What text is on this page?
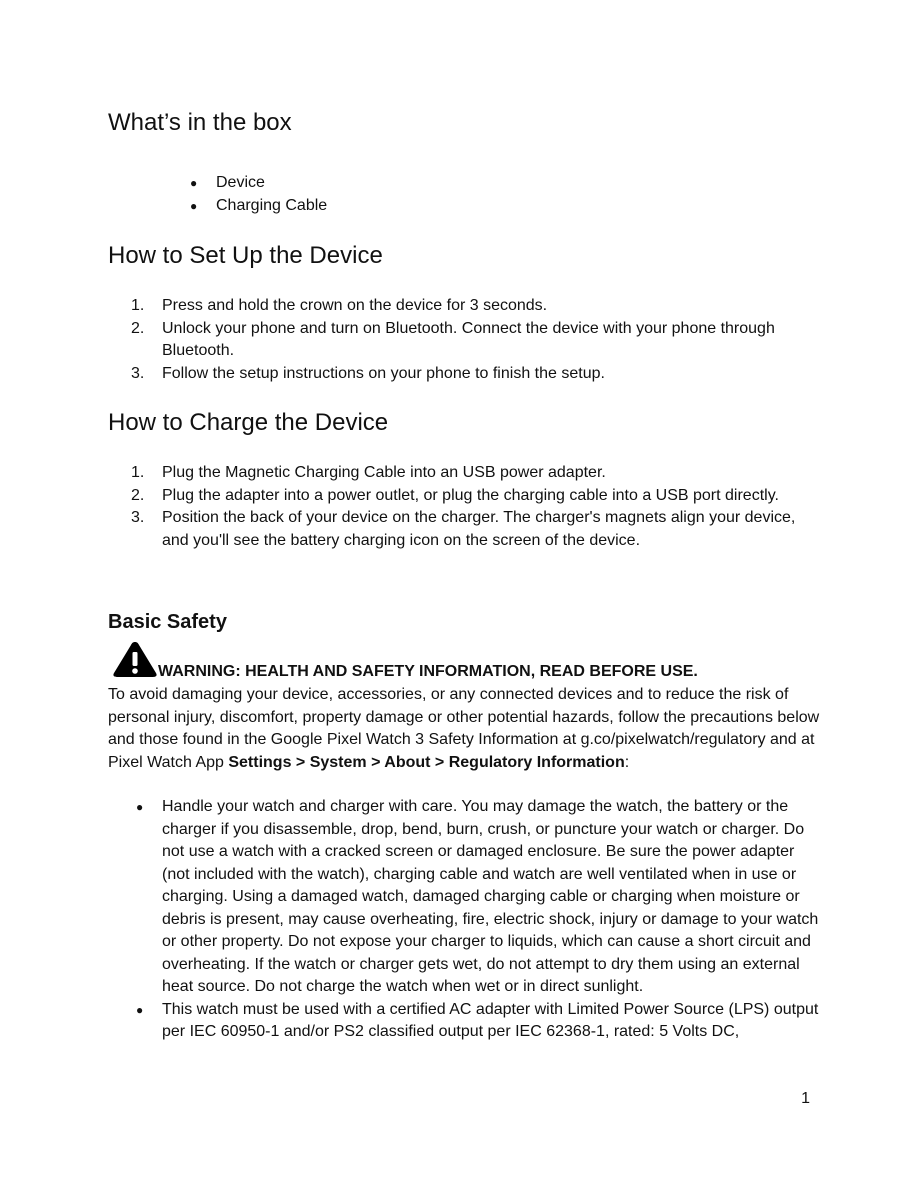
What’s in the box
● Device
● Charging Cable
How to Set Up the Device
1. Press and hold the crown on the device for 3 seconds.
2. Unlock your phone and turn on Bluetooth. Connect the device with your phone through Bluetooth.
3. Follow the setup instructions on your phone to finish the setup.
How to Charge the Device
1. Plug the Magnetic Charging Cable into an USB power adapter.
2. Plug the adapter into a power outlet, or plug the charging cable into a USB port directly.
3. Position the back of your device on the charger. The charger's magnets align your device, and you'll see the battery charging icon on the screen of the device.
Basic Safety
WARNING: HEALTH AND SAFETY INFORMATION, READ BEFORE USE.

To avoid damaging your device, accessories, or any connected devices and to reduce the risk of personal injury, discomfort, property damage or other potential hazards, follow the precautions below and those found in the Google Pixel Watch 3 Safety Information at g.co/pixelwatch/regulatory and at Pixel Watch App Settings > System > About > Regulatory Information:

● Handle your watch and charger with care. You may damage the watch, the battery or the charger if you disassemble, drop, bend, burn, crush, or puncture your watch or charger. Do not use a watch with a cracked screen or damaged enclosure. Be sure the power adapter (not included with the watch), charging cable and watch are well ventilated when in use or charging. Using a damaged watch, damaged charging cable or charging when moisture or debris is present, may cause overheating, fire, electric shock, injury or damage to your watch or other property. Do not expose your charger to liquids, which can cause a short circuit and overheating. If the watch or charger gets wet, do not attempt to dry them using an external heat source. Do not charge the watch when wet or in direct sunlight.
● This watch must be used with a certified AC adapter with Limited Power Source (LPS) output per IEC 60950-1 and/or PS2 classified output per IEC 62368-1, rated: 5 Volts DC,
1
